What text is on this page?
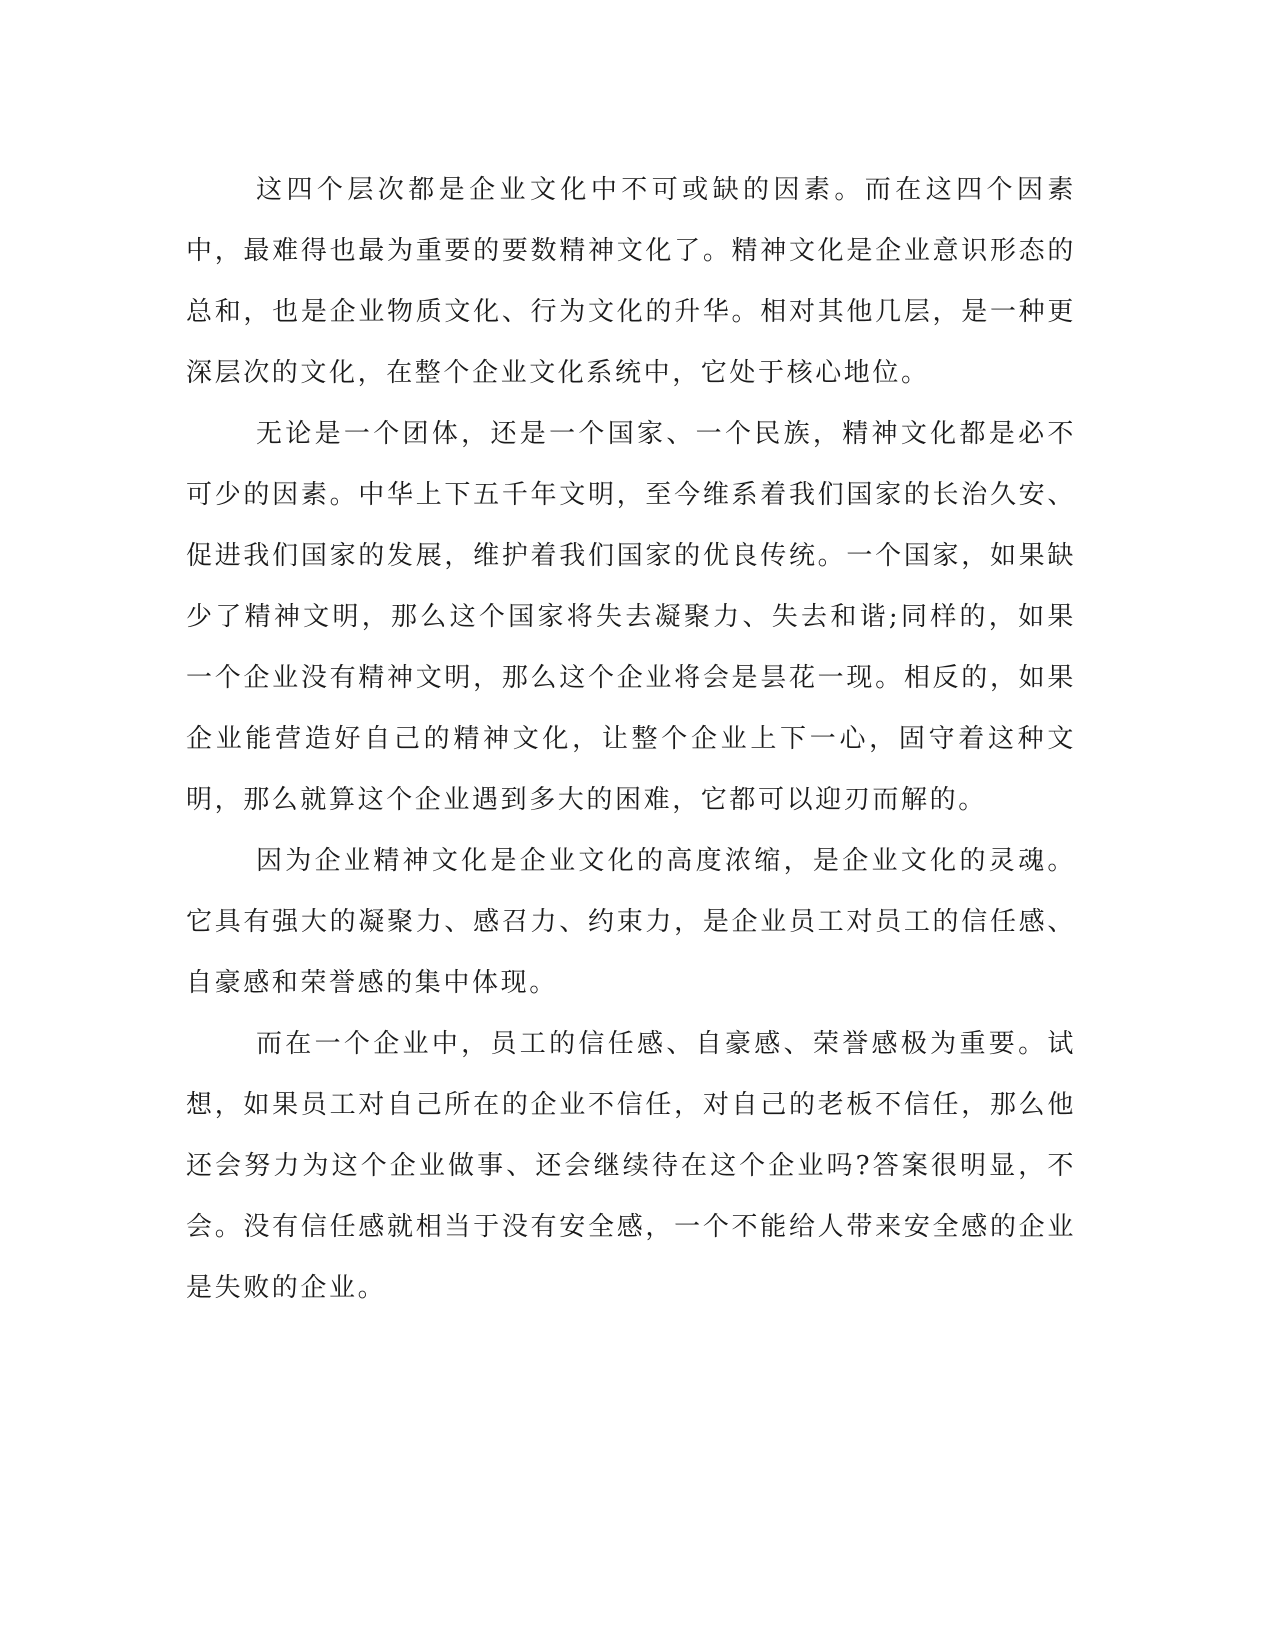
这四个层次都是企业文化中不可或缺的因素。而在这四个因素中，最难得也最为重要的要数精神文化了。精神文化是企业意识形态的总和，也是企业物质文化、行为文化的升华。相对其他几层，是一种更深层次的文化，在整个企业文化系统中，它处于核心地位。

无论是一个团体，还是一个国家、一个民族，精神文化都是必不可少的因素。中华上下五千年文明，至今维系着我们国家的长治久安、促进我们国家的发展，维护着我们国家的优良传统。一个国家，如果缺少了精神文明，那么这个国家将失去凝聚力、失去和谐;同样的，如果一个企业没有精神文明，那么这个企业将会是昙花一现。相反的，如果企业能营造好自己的精神文化，让整个企业上下一心，固守着这种文明，那么就算这个企业遇到多大的困难，它都可以迎刃而解的。

因为企业精神文化是企业文化的高度浓缩，是企业文化的灵魂。它具有强大的凝聚力、感召力、约束力，是企业员工对员工的信任感、自豪感和荣誉感的集中体现。

而在一个企业中，员工的信任感、自豪感、荣誉感极为重要。试想，如果员工对自己所在的企业不信任，对自己的老板不信任，那么他还会努力为这个企业做事、还会继续待在这个企业吗?答案很明显，不会。没有信任感就相当于没有安全感，一个不能给人带来安全感的企业是失败的企业。
